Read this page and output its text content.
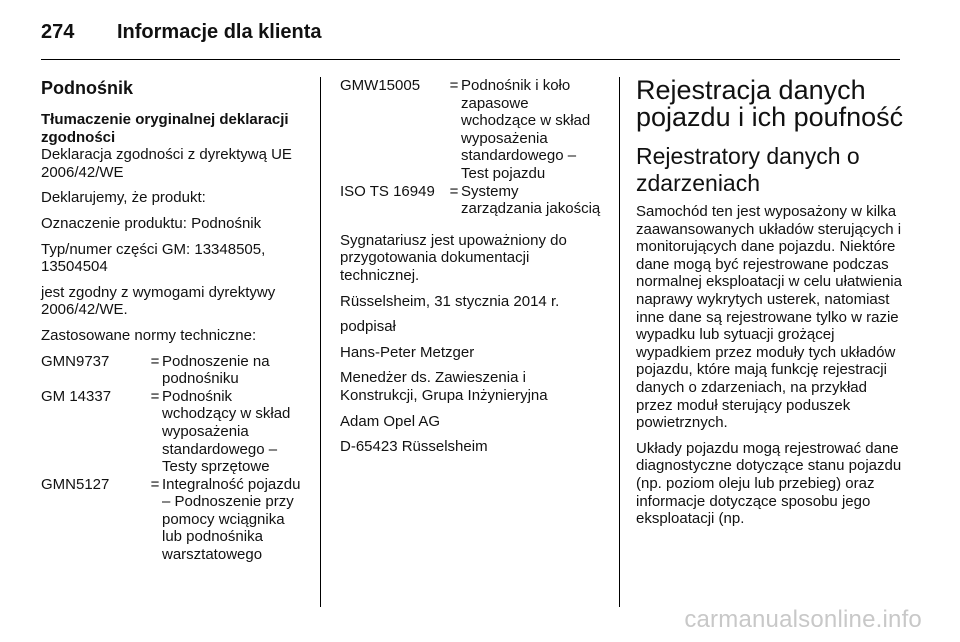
274	Informacje dla klienta
Podnośnik
Tłumaczenie oryginalnej deklaracji zgodności

Deklaracja zgodności z dyrektywą UE 2006/42/WE

Deklarujemy, że produkt:

Oznaczenie produktu: Podnośnik

Typ/numer części GM: 13348505, 13504504

jest zgodny z wymogami dyrektywy 2006/42/WE.

Zastosowane normy techniczne:

GMN9737	=	Podnoszenie na podnośniku
GM 14337	=	Podnośnik wchodzący w skład wyposażenia standardowego – Testy sprzętowe
GMN5127	=	Integralność pojazdu – Podnoszenie przy pomocy wciągnika lub podnośnika warsztatowego
GMW15005	=	Podnośnik i koło zapasowe wchodzące w skład wyposażenia standardowego – Test pojazdu
ISO TS 16949	=	Systemy zarządzania jakością

Sygnatariusz jest upoważniony do przygotowania dokumentacji technicznej.

Rüsselsheim, 31 stycznia 2014 r.

podpisał

Hans-Peter Metzger

Menedżer ds. Zawieszenia i Konstrukcji, Grupa Inżynieryjna

Adam Opel AG

D-65423 Rüsselsheim

Rejestracja danych pojazdu i ich poufność
Rejestratory danych o zdarzeniach

Samochód ten jest wyposażony w kilka zaawansowanych układów sterujących i monitorujących dane pojazdu. Niektóre dane mogą być rejestrowane podczas normalnej eksploatacji w celu ułatwienia naprawy wykrytych usterek, natomiast inne dane są rejestrowane tylko w razie wypadku lub sytuacji grożącej wypadkiem przez moduły tych układów pojazdu, które mają funkcję rejestracji danych o zdarzeniach, na przykład przez moduł sterujący poduszek powietrznych.

Układy pojazdu mogą rejestrować dane diagnostyczne dotyczące stanu pojazdu (np. poziom oleju lub przebieg) oraz informacje dotyczące sposobu jego eksploatacji (np.

carmanualsonline.info
